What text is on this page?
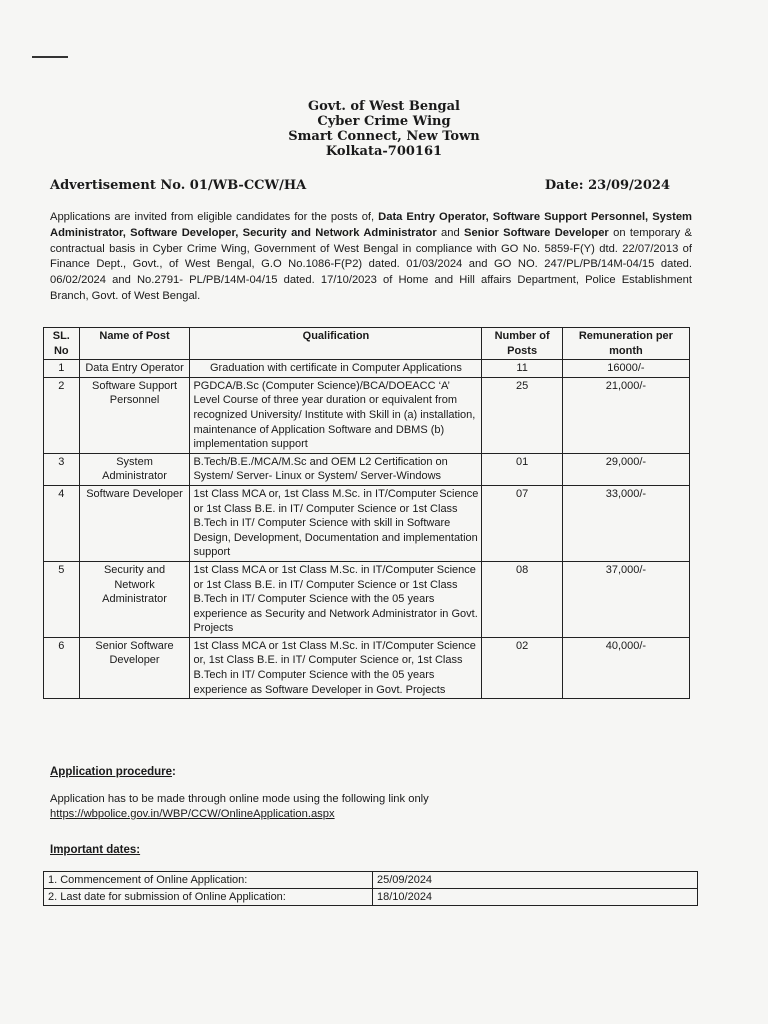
Govt. of West Bengal
Cyber Crime Wing
Smart Connect, New Town
Kolkata-700161
Advertisement No. 01/WB-CCW/HA	Date: 23/09/2024
Applications are invited from eligible candidates for the posts of, Data Entry Operator, Software Support Personnel, System Administrator, Software Developer, Security and Network Administrator and Senior Software Developer on temporary & contractual basis in Cyber Crime Wing, Government of West Bengal in compliance with GO No. 5859-F(Y) dtd. 22/07/2013 of Finance Dept., Govt., of West Bengal, G.O No.1086-F(P2) dated. 01/03/2024 and GO NO. 247/PL/PB/14M-04/15 dated. 06/02/2024 and No.2791- PL/PB/14M-04/15 dated. 17/10/2023 of Home and Hill affairs Department, Police Establishment Branch, Govt. of West Bengal.
SL. No	Name of Post	Qualification	Number of Posts	Remuneration per month
1	Data Entry Operator	Graduation with certificate in Computer Applications	11	16000/-
2	Software Support Personnel	PGDCA/B.Sc (Computer Science)/BCA/DOEACC ‘A’ Level Course of three year duration or equivalent from recognized University/ Institute with Skill in (a) installation, maintenance of Application Software and DBMS (b) implementation support	25	21,000/-
3	System Administrator	B.Tech/B.E./MCA/M.Sc and OEM L2 Certification on System/ Server- Linux or System/ Server-Windows	01	29,000/-
4	Software Developer	1st Class MCA or, 1st Class M.Sc. in IT/Computer Science or 1st Class B.E. in IT/ Computer Science or 1st Class B.Tech in IT/ Computer Science with skill in Software Design, Development, Documentation and implementation support	07	33,000/-
5	Security and Network Administrator	1st Class MCA or 1st Class M.Sc. in IT/Computer Science or 1st Class B.E. in IT/ Computer Science or 1st Class B.Tech in IT/ Computer Science with the 05 years experience as Security and Network Administrator in Govt. Projects	08	37,000/-
6	Senior Software Developer	1st Class MCA or 1st Class M.Sc. in IT/Computer Science or, 1st Class B.E. in IT/ Computer Science or, 1st Class B.Tech in IT/ Computer Science with the 05 years experience as Software Developer in Govt. Projects	02	40,000/-
Application procedure:
Application has to be made through online mode using the following link only
https://wbpolice.gov.in/WBP/CCW/OnlineApplication.aspx
Important dates:
1. Commencement of Online Application:	25/09/2024
2. Last date for submission of Online Application:	18/10/2024
